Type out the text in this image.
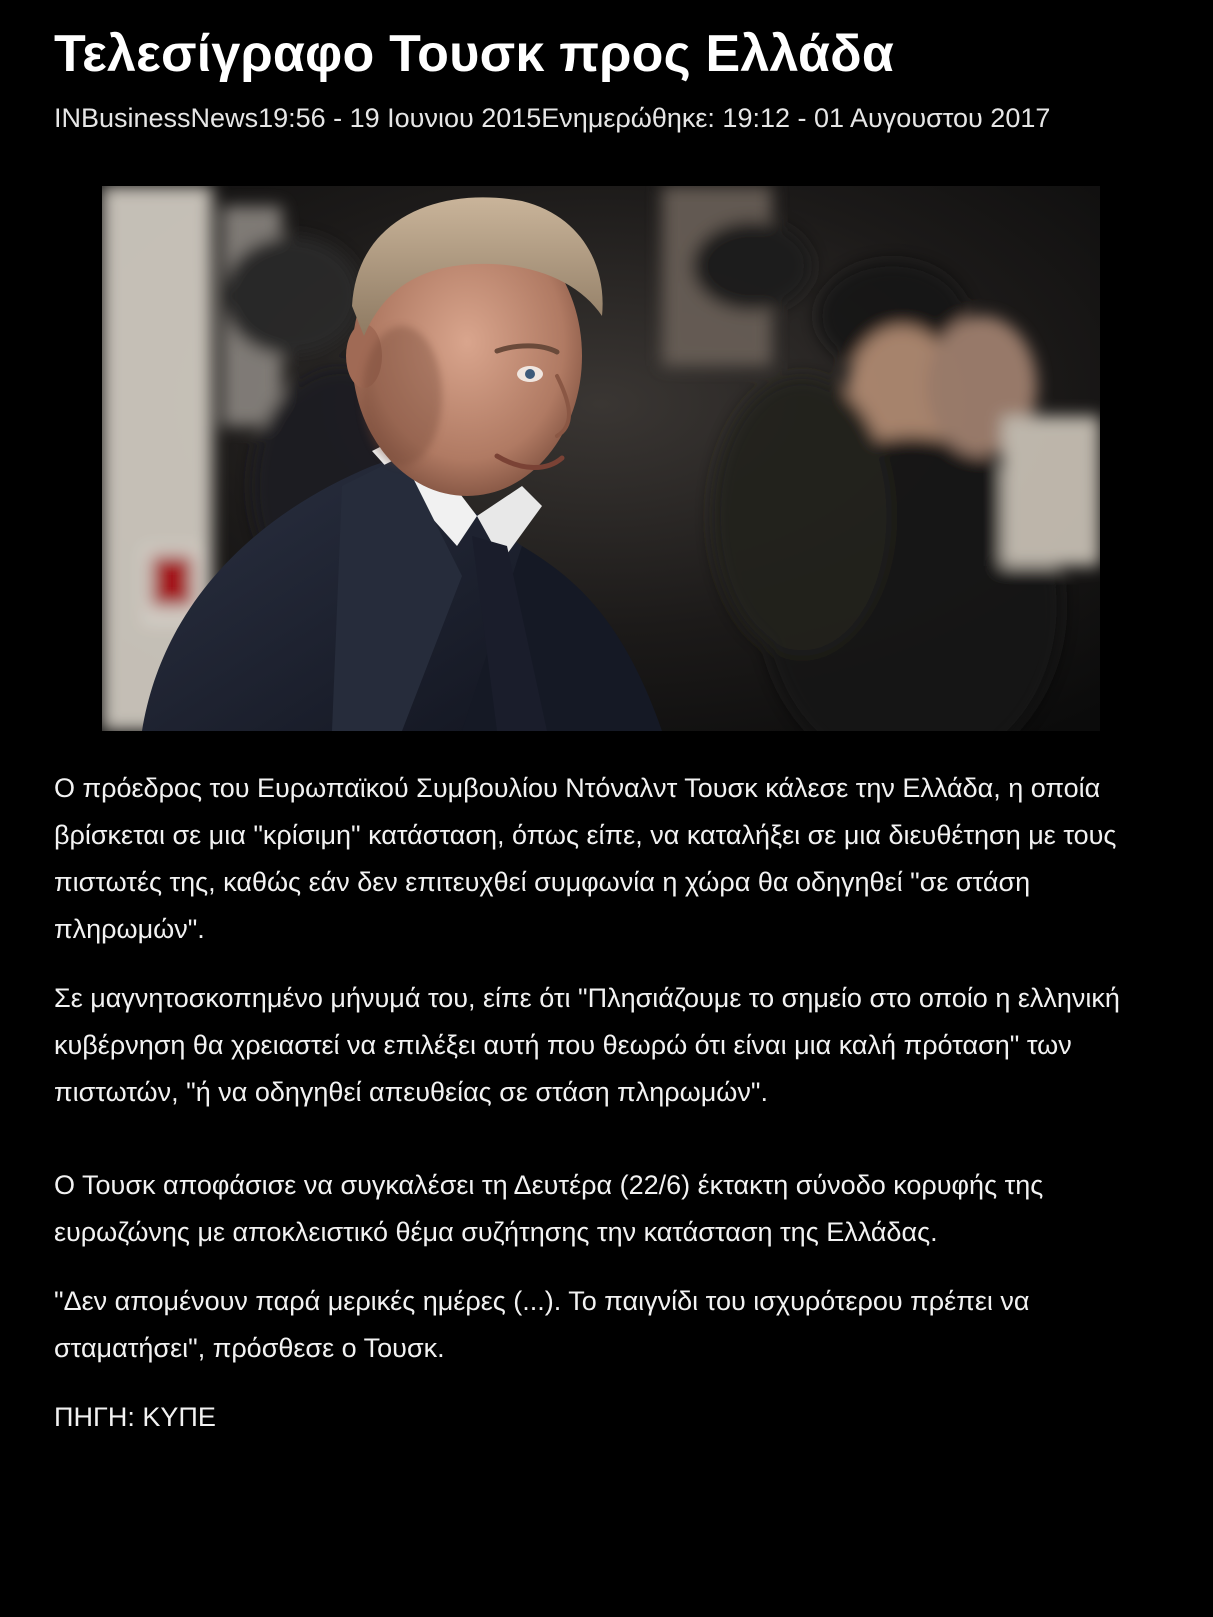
Τελεσίγραφο Τουσκ προς Ελλάδα
INBusinessNews19:56 - 19 Ιουνιου 2015Ενημερώθηκε: 19:12 - 01 Αυγουστου 2017

Ο πρόεδρος του Ευρωπαϊκού Συμβουλίου Ντόναλντ Τουσκ κάλεσε την Ελλάδα, η οποία βρίσκεται σε μια "κρίσιμη" κατάσταση, όπως είπε, να καταλήξει σε μια διευθέτηση με τους πιστωτές της, καθώς εάν δεν επιτευχθεί συμφωνία η χώρα θα οδηγηθεί "σε στάση πληρωμών".

Σε μαγνητοσκοπημένο μήνυμά του, είπε ότι "Πλησιάζουμε το σημείο στο οποίο η ελληνική κυβέρνηση θα χρειαστεί να επιλέξει αυτή που θεωρώ ότι είναι μια καλή πρόταση" των πιστωτών, "ή να οδηγηθεί απευθείας σε στάση πληρωμών".

Ο Τουσκ αποφάσισε να συγκαλέσει τη Δευτέρα (22/6) έκτακτη σύνοδο κορυφής της ευρωζώνης με αποκλειστικό θέμα συζήτησης την κατάσταση της Ελλάδας.

"Δεν απομένουν παρά μερικές ημέρες (...). Το παιγνίδι του ισχυρότερου πρέπει να σταματήσει", πρόσθεσε ο Τουσκ.

ΠΗΓΗ: ΚΥΠΕ
